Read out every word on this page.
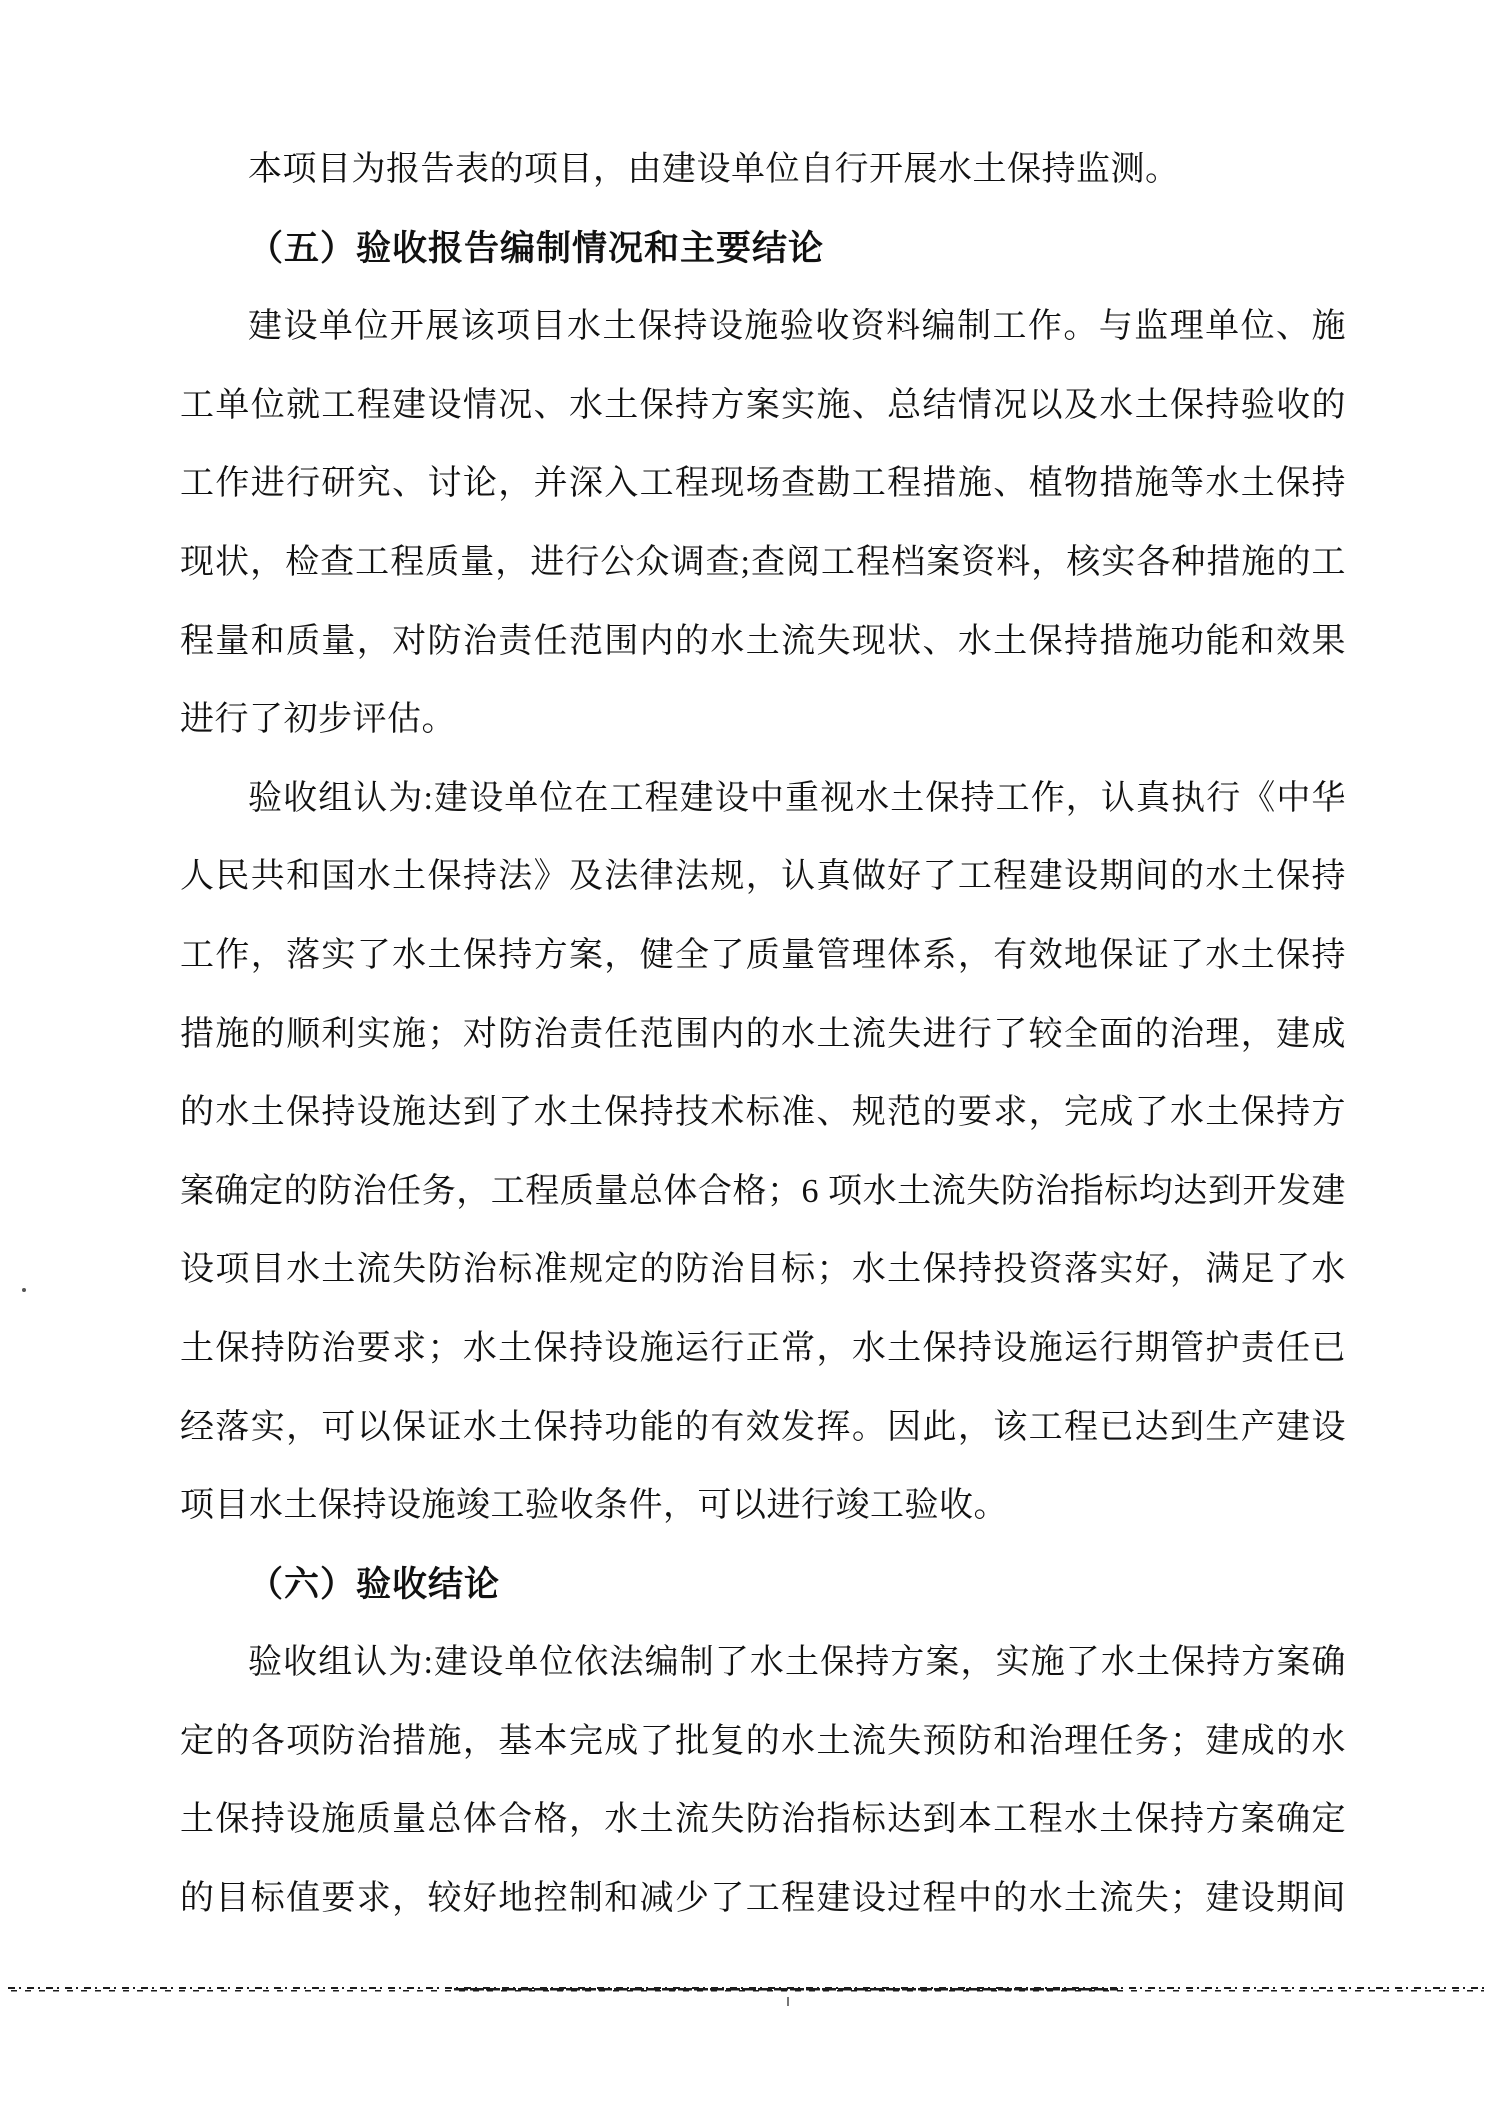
本项目为报告表的项目，由建设单位自行开展水土保持监测。
（五）验收报告编制情况和主要结论
建设单位开展该项目水土保持设施验收资料编制工作。与监理单位、施
工单位就工程建设情况、水土保持方案实施、总结情况以及水土保持验收的
工作进行研究、讨论，并深入工程现场查勘工程措施、植物措施等水土保持
现状，检查工程质量，进行公众调查;查阅工程档案资料，核实各种措施的工
程量和质量，对防治责任范围内的水土流失现状、水土保持措施功能和效果
进行了初步评估。
验收组认为:建设单位在工程建设中重视水土保持工作，认真执行《中华
人民共和国水土保持法》及法律法规，认真做好了工程建设期间的水土保持
工作，落实了水土保持方案，健全了质量管理体系，有效地保证了水土保持
措施的顺利实施；对防治责任范围内的水土流失进行了较全面的治理，建成
的水土保持设施达到了水土保持技术标准、规范的要求，完成了水土保持方
案确定的防治任务，工程质量总体合格；6 项水土流失防治指标均达到开发建
设项目水土流失防治标准规定的防治目标；水土保持投资落实好，满足了水
土保持防治要求；水土保持设施运行正常，水土保持设施运行期管护责任已
经落实，可以保证水土保持功能的有效发挥。因此，该工程已达到生产建设
项目水土保持设施竣工验收条件，可以进行竣工验收。
（六）验收结论
验收组认为:建设单位依法编制了水土保持方案，实施了水土保持方案确
定的各项防治措施，基本完成了批复的水土流失预防和治理任务；建成的水
土保持设施质量总体合格，水土流失防治指标达到本工程水土保持方案确定
的目标值要求，较好地控制和减少了工程建设过程中的水土流失；建设期间
